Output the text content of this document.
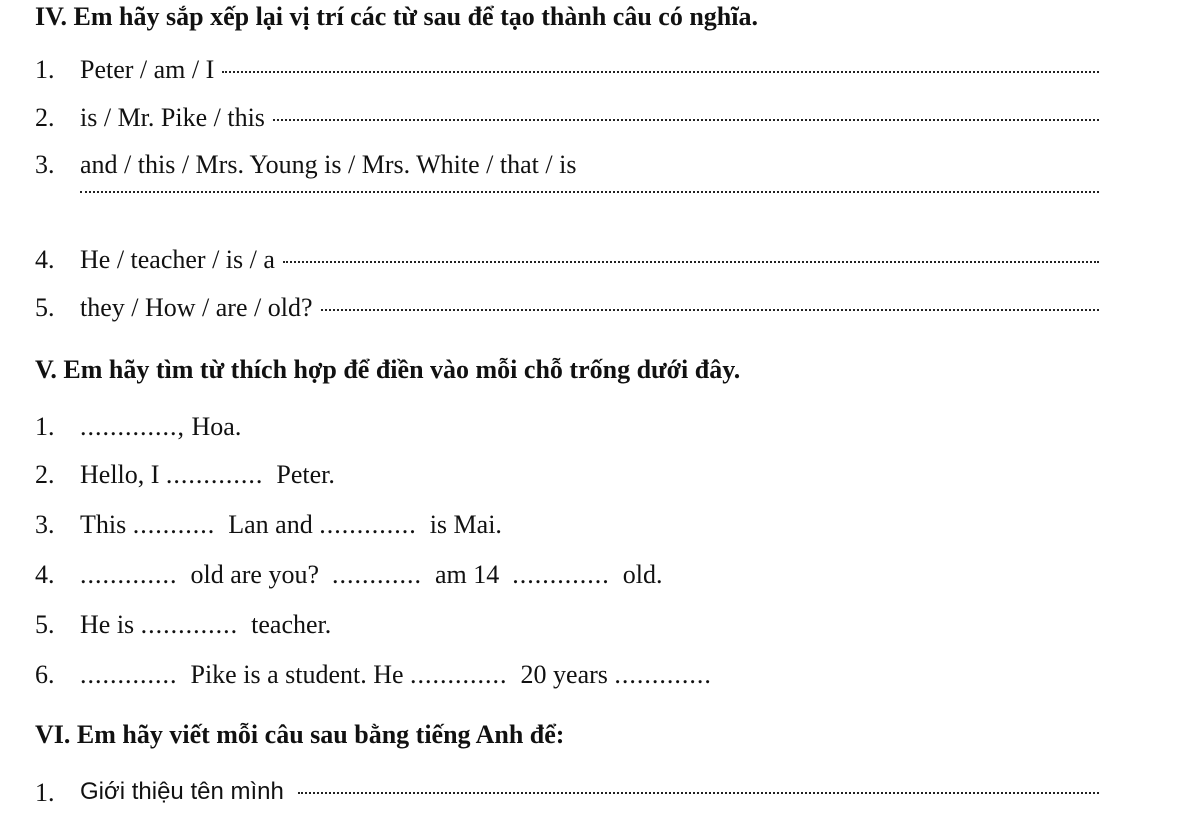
IV. Em hãy sắp xếp lại vị trí các từ sau để tạo thành câu có nghĩa.
1. Peter / am / I
2. is / Mr. Pike / this
3. and / this / Mrs. Young is / Mrs. White / that / is
4. He / teacher / is / a
5. they / How / are / old?
V. Em hãy tìm từ thích hợp để điền vào mỗi chỗ trống dưới đây.
1. ............., Hoa.
2. Hello, I ............. Peter.
3. This ........... Lan and ............. is Mai.
4. ............. old are you? ............ am 14 ............. old.
5. He is ............. teacher.
6. ............. Pike is a student. He ............. 20 years .............
VI. Em hãy viết mỗi câu sau bằng tiếng Anh để:
1. Giới thiệu tên mình
